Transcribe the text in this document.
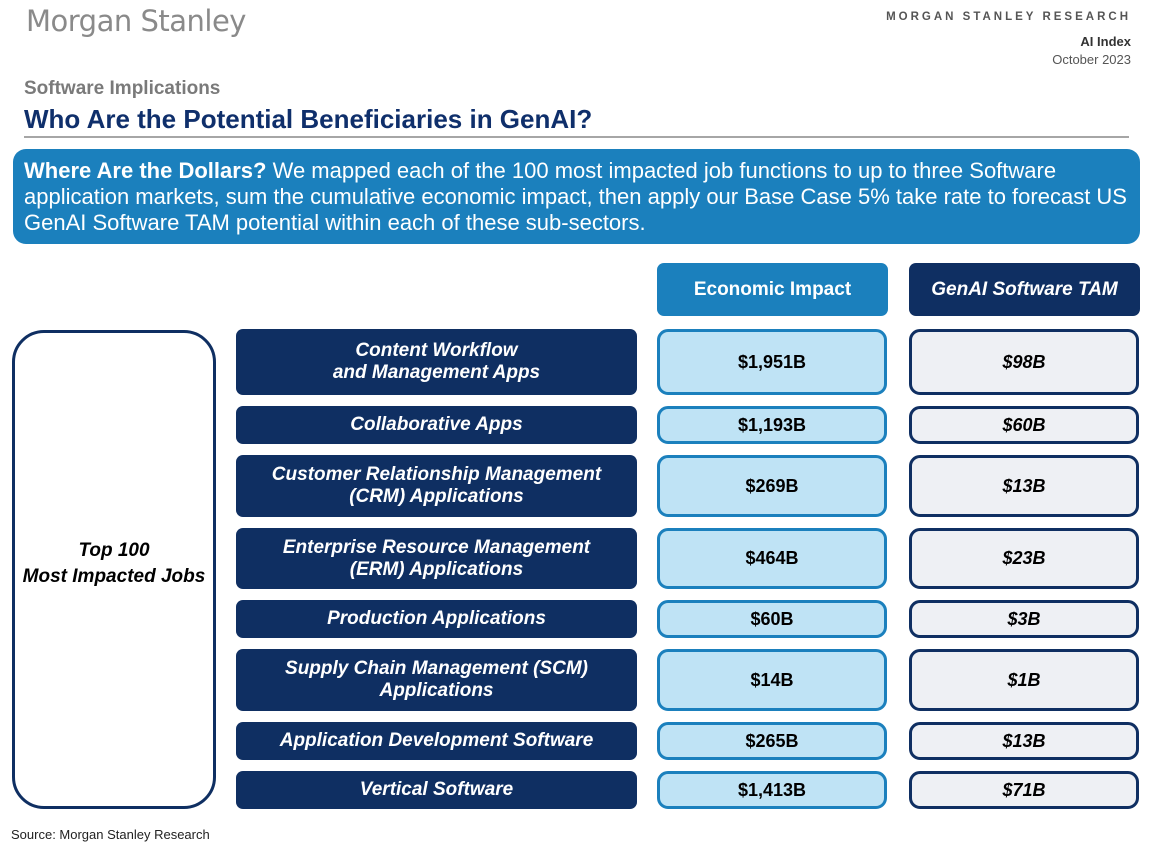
Morgan Stanley	MORGAN STANLEY RESEARCH
AI Index
October 2023
Software Implications
Who Are the Potential Beneficiaries in GenAI?
Where Are the Dollars? We mapped each of the 100 most impacted job functions to up to three Software application markets, sum the cumulative economic impact, then apply our Base Case 5% take rate to forecast US GenAI Software TAM potential within each of these sub-sectors.
Economic Impact	GenAI Software TAM
Top 100
Most Impacted Jobs
Content Workflow
and Management Apps
$1,951B	$98B
Collaborative Apps	$1,193B	$60B
Customer Relationship Management
(CRM) Applications
$269B	$13B
Enterprise Resource Management
(ERM) Applications
$464B	$23B
Production Applications	$60B	$3B
Supply Chain Management (SCM)
Applications
$14B	$1B
Application Development Software	$265B	$13B
Vertical Software	$1,413B	$71B
Source: Morgan Stanley Research
